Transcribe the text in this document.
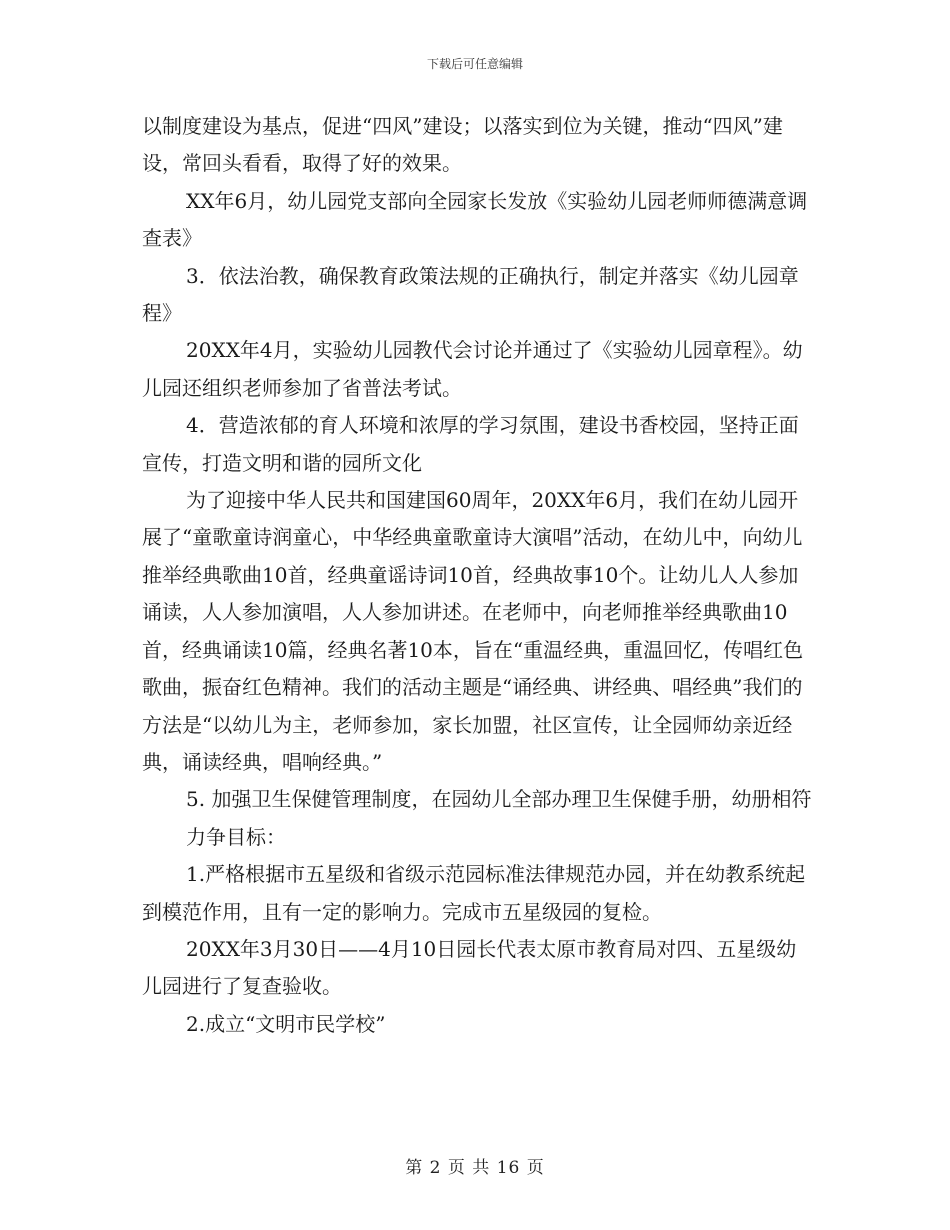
下载后可任意编辑

以制度建设为基点，促进“四风”建设；以落实到位为关键，推动“四风”建设，常回头看看，取得了好的效果。

XX年6月，幼儿园党支部向全园家长发放《实验幼儿园老师师德满意调查表》

3．依法治教，确保教育政策法规的正确执行，制定并落实《幼儿园章程》

20XX年4月，实验幼儿园教代会讨论并通过了《实验幼儿园章程》。幼儿园还组织老师参加了省普法考试。

4．营造浓郁的育人环境和浓厚的学习氛围，建设书香校园，坚持正面宣传，打造文明和谐的园所文化

为了迎接中华人民共和国建国60周年，20XX年6月，我们在幼儿园开展了“童歌童诗润童心，中华经典童歌童诗大演唱”活动，在幼儿中，向幼儿推举经典歌曲10首，经典童谣诗词10首，经典故事10个。让幼儿人人参加诵读，人人参加演唱，人人参加讲述。在老师中，向老师推举经典歌曲10首，经典诵读10篇，经典名著10本，旨在“重温经典，重温回忆，传唱红色歌曲，振奋红色精神。我们的活动主题是“诵经典、讲经典、唱经典”我们的方法是“以幼儿为主，老师参加，家长加盟，社区宣传，让全园师幼亲近经典，诵读经典，唱响经典。”

5. 加强卫生保健管理制度，在园幼儿全部办理卫生保健手册，幼册相符

力争目标：

1.严格根据市五星级和省级示范园标准法律规范办园，并在幼教系统起到模范作用，且有一定的影响力。完成市五星级园的复检。

20XX年3月30日——4月10日园长代表太原市教育局对四、五星级幼儿园进行了复查验收。

2.成立“文明市民学校”

第 2 页 共 16 页
